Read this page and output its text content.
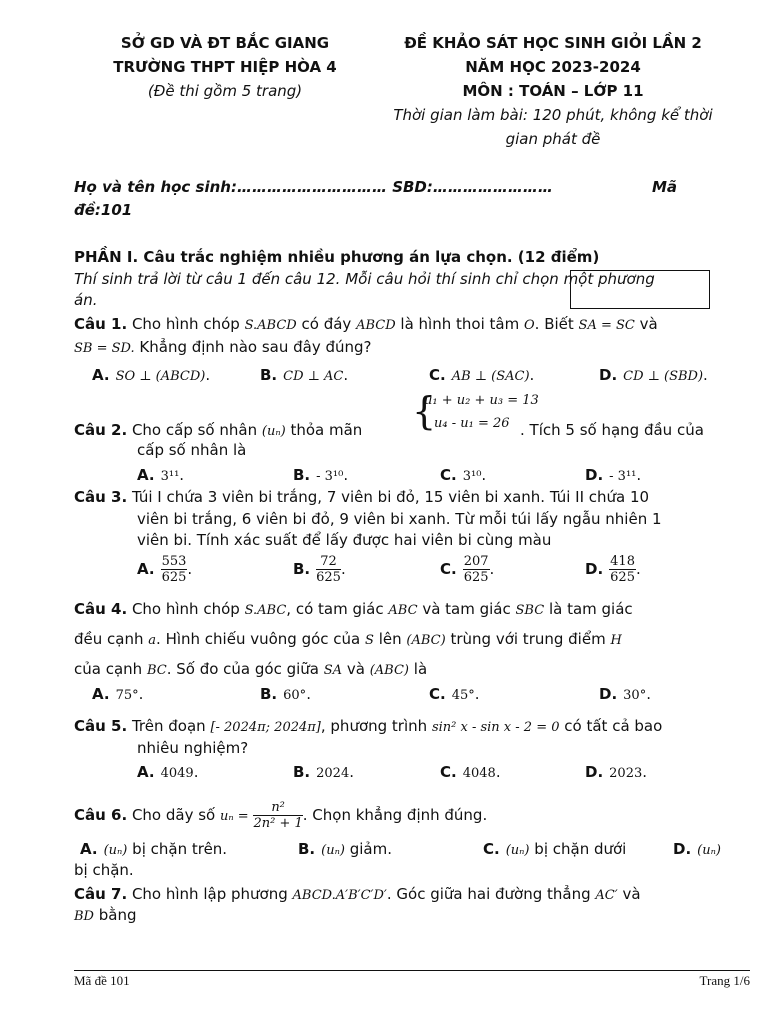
SỞ GD VÀ ĐT BẮC GIANG
TRƯỜNG THPT HIỆP HÒA 4
(Đề thi gồm 5 trang)
ĐỀ KHẢO SÁT HỌC SINH GIỎI LẦN 2
NĂM HỌC 2023-2024
MÔN : TOÁN – LỚP 11
Thời gian làm bài: 120 phút, không kể thời
gian phát đề
Họ và tên học sinh:………………………… SBD:……………………	Mã
đề:101
PHẦN I. Câu trắc nghiệm nhiều phương án lựa chọn. (12 điểm)
Thí sinh trả lời từ câu 1 đến câu 12. Mỗi câu hỏi thí sinh chỉ chọn một phương
án.
Câu 1. Cho hình chóp S.ABCD có đáy ABCD là hình thoi tâm O. Biết SA = SC và
SB = SD. Khẳng định nào sau đây đúng?
A. SO ⊥ (ABCD).	B. CD ⊥ AC.	C. AB ⊥ (SAC).	D. CD ⊥ (SBD).
Câu 2. Cho cấp số nhân (uₙ) thỏa mãn	{
u₁ + u₂ + u₃ = 13
u₄ - u₁ = 26 . Tích 5 số hạng đầu của
cấp số nhân là
A. 3¹¹.	B. - 3¹⁰.	C. 3¹⁰.	D. - 3¹¹.
Câu 3. Túi I chứa 3 viên bi trắng, 7 viên bi đỏ, 15 viên bi xanh. Túi II chứa 10
viên bi trắng, 6 viên bi đỏ, 9 viên bi xanh. Từ mỗi túi lấy ngẫu nhiên 1
viên bi. Tính xác suất để lấy được hai viên bi cùng màu
A. $\frac{553}{625}$ .	B. $\frac{72}{625}$ .	C. $\frac{207}{625}$ .	D. $\frac{418}{625}$ .
Câu 4. Cho hình chóp S.ABC, có tam giác ABC và tam giác SBC là tam giác
đều cạnh a. Hình chiếu vuông góc của S lên (ABC) trùng với trung điểm H
của cạnh BC. Số đo của góc giữa SA và (ABC) là
A. 75°.	B. 60°.	C. 45°.	D. 30°.
Câu 5. Trên đoạn [- 2024π; 2024π], phương trình sin² x - sin x - 2 = 0 có tất cả bao
nhiêu nghiệm?
A. 4049.	B. 2024.	C. 4048.	D. 2023.
Câu 6. Cho dãy số $u_n = \frac{\text{n²}}{\text{2n² + 1}}$ . Chọn khẳng định đúng.
A. (uₙ) bị chặn trên.	B. (uₙ) giảm.	C. (uₙ) bị chặn dưới	D. (uₙ)
bị chặn.
Câu 7. Cho hình lập phương ABCD.A′B′C′D′. Góc giữa hai đường thẳng AC′ và
BD bằng
Mã đề 101	Trang 1/6
